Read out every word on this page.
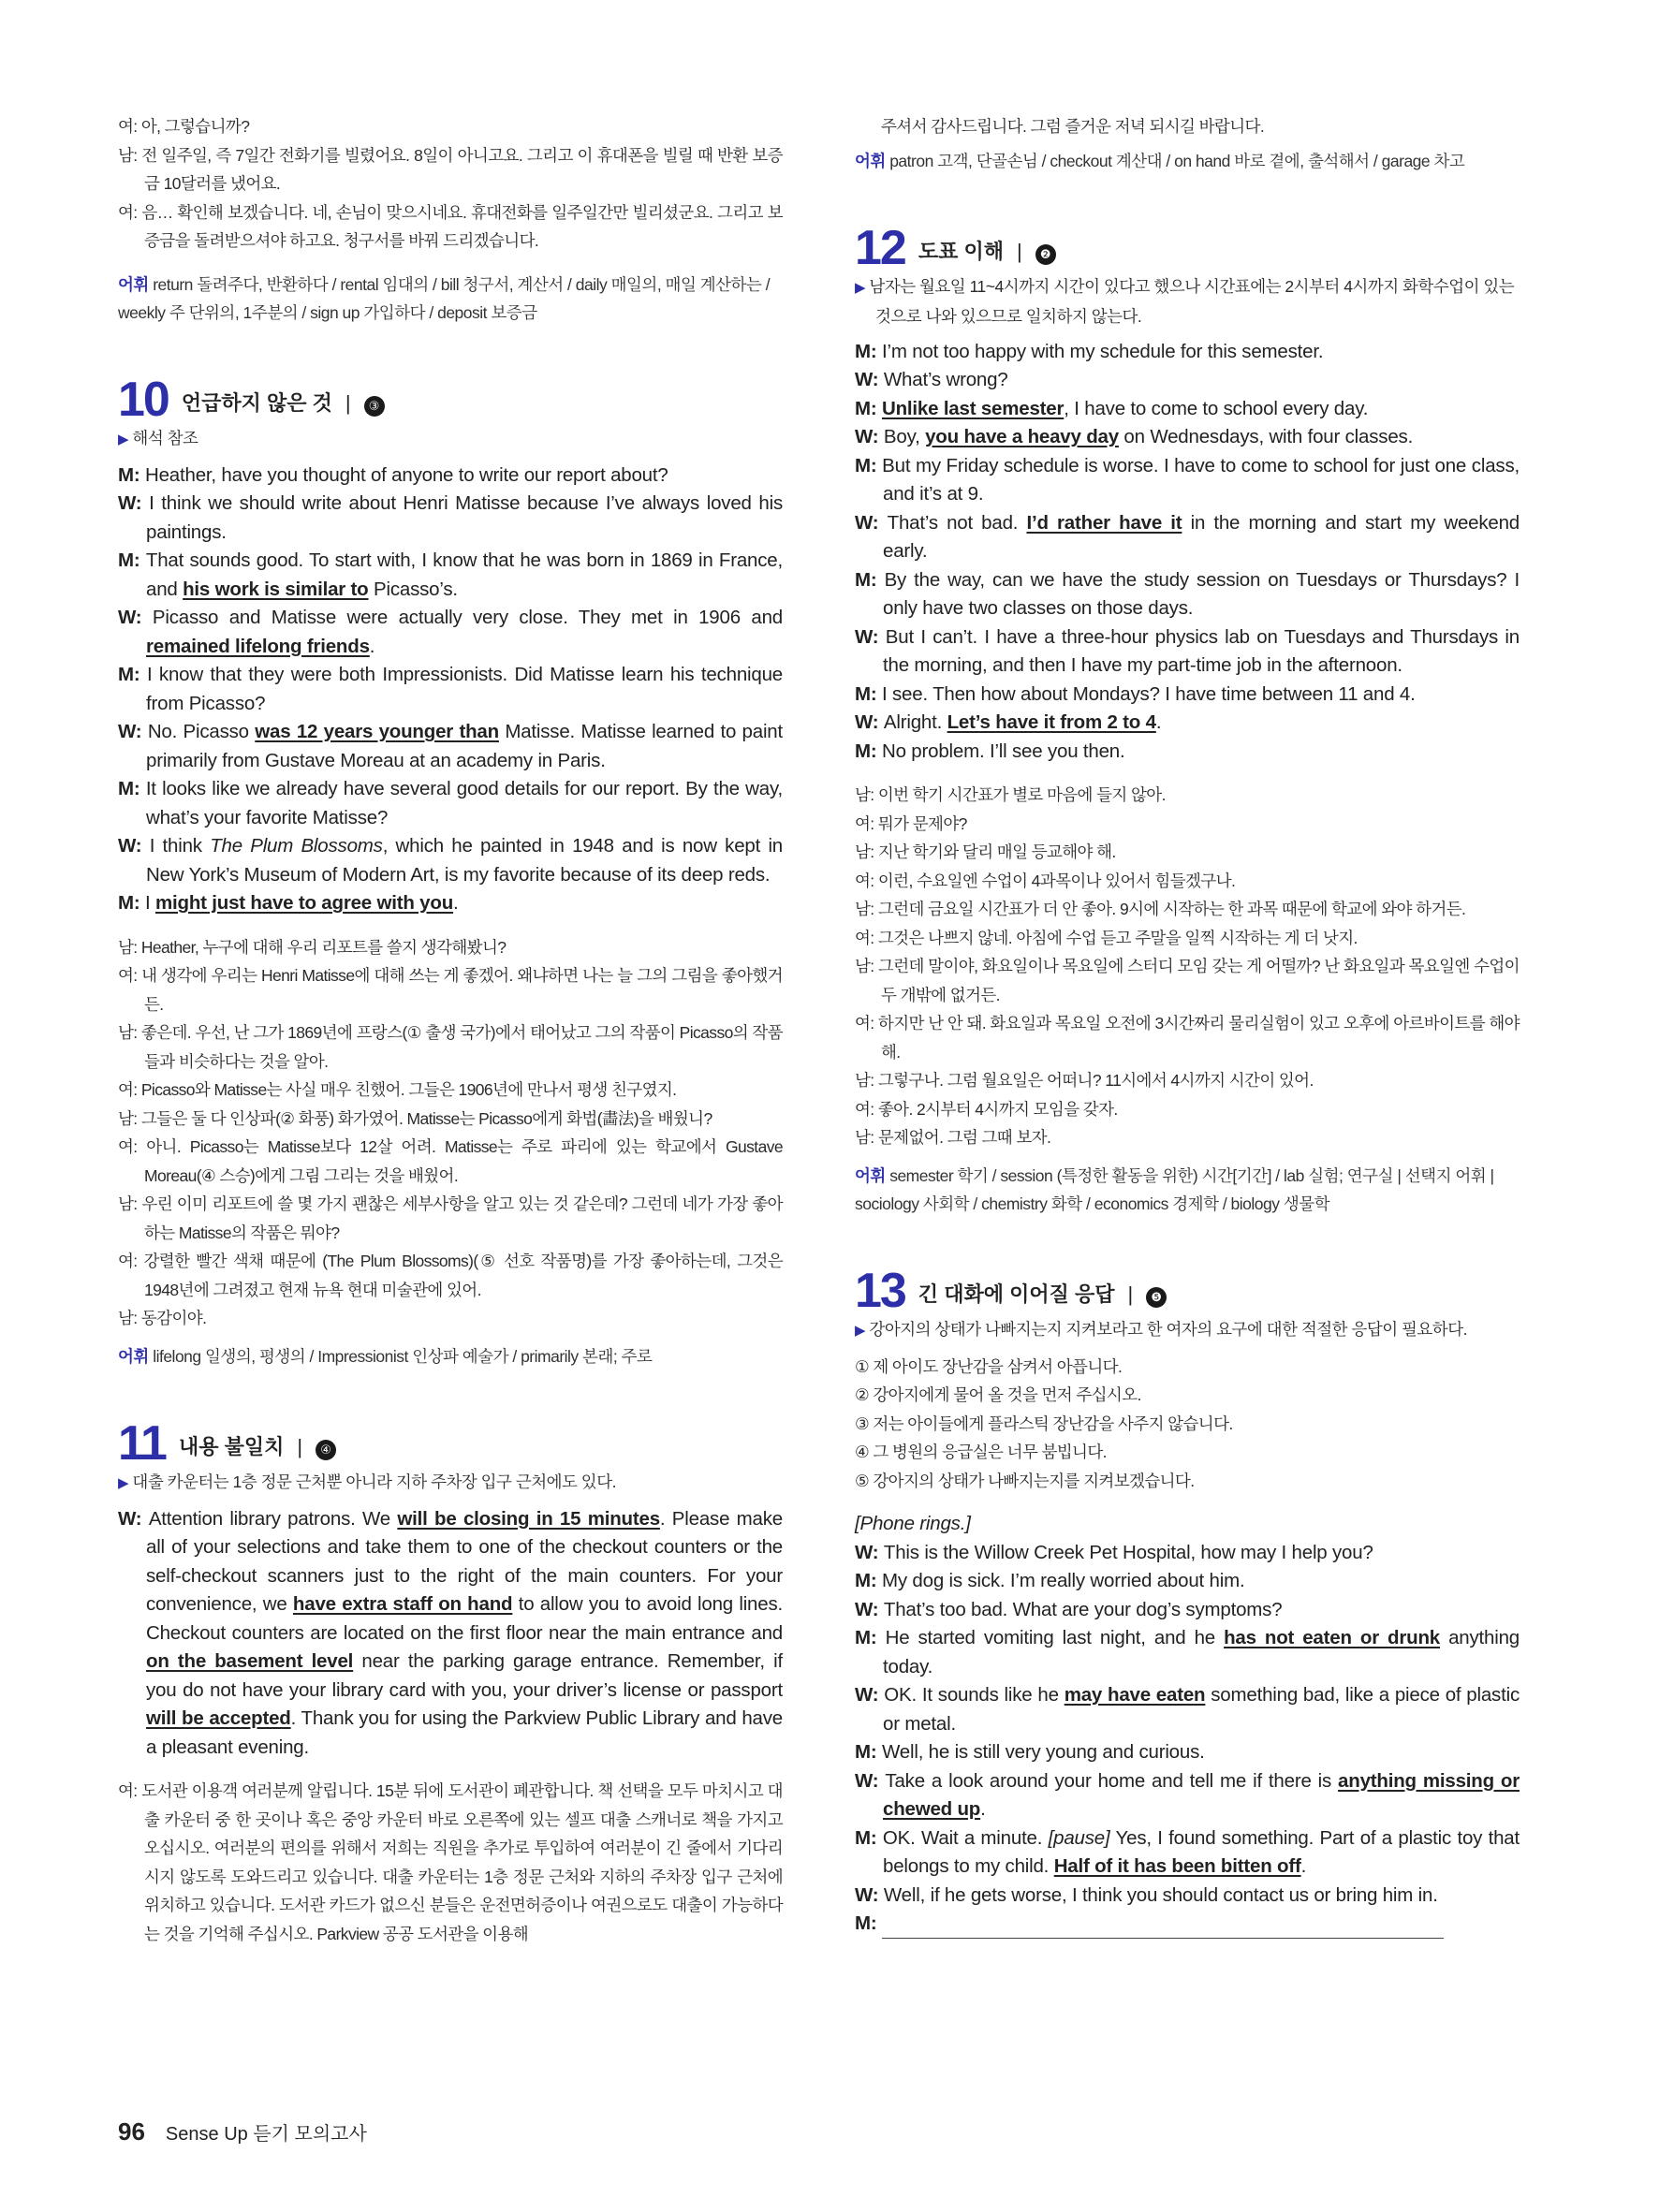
여: 아, 그렇습니까?
남: 전 일주일, 즉 7일간 전화기를 빌렸어요. 8일이 아니고요. 그리고 이 휴대폰을 빌릴 때 반환 보증금 10달러를 냈어요.
여: 음… 확인해 보겠습니다. 네, 손님이 맞으시네요. 휴대전화를 일주일간만 빌리셨군요. 그리고 보증금을 돌려받으셔야 하고요. 청구서를 바꿔 드리겠습니다.
어휘 return 돌려주다, 반환하다 / rental 임대의 / bill 청구서, 계산서 / daily 매일의, 매일 계산하는 / weekly 주 단위의, 1주분의 / sign up 가입하다 / deposit 보증금
10 언급하지 않은 것 |	③
▶ 해석 참조
M: Heather, have you thought of anyone to write our report about?
W: I think we should write about Henri Matisse because I’ve always loved his paintings.
M: That sounds good. To start with, I know that he was born in 1869 in France, and his work is similar to Picasso’s.
W: Picasso and Matisse were actually very close. They met in 1906 and remained lifelong friends.
M: I know that they were both Impressionists. Did Matisse learn his technique from Picasso?
W: No. Picasso was 12 years younger than Matisse. Matisse learned to paint primarily from Gustave Moreau at an academy in Paris.
M: It looks like we already have several good details for our report. By the way, what’s your favorite Matisse?
W: I think The Plum Blossoms, which he painted in 1948 and is now kept in New York’s Museum of Modern Art, is my favorite because of its deep reds.
M: I might just have to agree with you.
남: Heather, 누구에 대해 우리 리포트를 쓸지 생각해봤니?
여: 내 생각에 우리는 Henri Matisse에 대해 쓰는 게 좋겠어. 왜냐하면 나는 늘 그의 그림을 좋아했거든.
남: 좋은데. 우선, 난 그가 1869년에 프랑스(① 출생 국가)에서 태어났고 그의 작품이 Picasso의 작품들과 비슷하다는 것을 알아.
여: Picasso와 Matisse는 사실 매우 친했어. 그들은 1906년에 만나서 평생 친구였지.
남: 그들은 둘 다 인상파(② 화풍) 화가였어. Matisse는 Picasso에게 화법(畵法)을 배웠니?
여: 아니. Picasso는 Matisse보다 12살 어려. Matisse는 주로 파리에 있는 학교에서 Gustave Moreau(④ 스승)에게 그림 그리는 것을 배웠어.
남: 우린 이미 리포트에 쓸 몇 가지 괜찮은 세부사항을 알고 있는 것 같은데? 그런데 네가 가장 좋아하는 Matisse의 작품은 뭐야?
여: 강렬한 빨간 색채 때문에 (The Plum Blossoms)(⑤ 선호 작품명)를 가장 좋아하는데, 그것은 1948년에 그려졌고 현재 뉴욕 현대 미술관에 있어.
남: 동감이야.
어휘 lifelong 일생의, 평생의 / Impressionist 인상파 예술가 / primarily 본래; 주로
11 내용 불일치 |	④
▶ 대출 카운터는 1층 정문 근처뿐 아니라 지하 주차장 입구 근처에도 있다.
W: Attention library patrons. We will be closing in 15 minutes. Please make all of your selections and take them to one of the checkout counters or the self-checkout scanners just to the right of the main counters. For your convenience, we have extra staff on hand to allow you to avoid long lines. Checkout counters are located on the first floor near the main entrance and on the basement level near the parking garage entrance. Remember, if you do not have your library card with you, your driver’s license or passport will be accepted. Thank you for using the Parkview Public Library and have a pleasant evening.
여: 도서관 이용객 여러분께 알립니다. 15분 뒤에 도서관이 폐관합니다. 책 선택을 모두 마치시고 대출 카운터 중 한 곳이나 혹은 중앙 카운터 바로 오른쪽에 있는 셀프 대출 스캐너로 책을 가지고 오십시오. 여러분의 편의를 위해서 저희는 직원을 추가로 투입하여 여러분이 긴 줄에서 기다리시지 않도록 도와드리고 있습니다. 대출 카운터는 1층 정문 근처와 지하의 주차장 입구 근처에 위치하고 있습니다. 도서관 카드가 없으신 분들은 운전면허증이나 여권으로도 대출이 가능하다는 것을 기억해 주십시오. Parkview 공공 도서관을 이용해
주셔서 감사드립니다. 그럼 즐거운 저녁 되시길 바랍니다.
어휘 patron 고객, 단골손님 / checkout 계산대 / on hand 바로 곁에, 출석해서 / garage 차고
12 도표 이해 |	❷
▶ 남자는 월요일 11~4시까지 시간이 있다고 했으나 시간표에는 2시부터 4시까지 화학수업이 있는 것으로 나와 있으므로 일치하지 않는다.
M: I’m not too happy with my schedule for this semester.
W: What’s wrong?
M: Unlike last semester, I have to come to school every day.
W: Boy, you have a heavy day on Wednesdays, with four classes.
M: But my Friday schedule is worse. I have to come to school for just one class, and it’s at 9.
W: That’s not bad. I’d rather have it in the morning and start my weekend early.
M: By the way, can we have the study session on Tuesdays or Thursdays? I only have two classes on those days.
W: But I can’t. I have a three-hour physics lab on Tuesdays and Thursdays in the morning, and then I have my part-time job in the afternoon.
M: I see. Then how about Mondays? I have time between 11 and 4.
W: Alright. Let’s have it from 2 to 4.
M: No problem. I’ll see you then.
남: 이번 학기 시간표가 별로 마음에 들지 않아.
여: 뭐가 문제야?
남: 지난 학기와 달리 매일 등교해야 해.
여: 이런, 수요일엔 수업이 4과목이나 있어서 힘들겠구나.
남: 그런데 금요일 시간표가 더 안 좋아. 9시에 시작하는 한 과목 때문에 학교에 와야 하거든.
여: 그것은 나쁘지 않네. 아침에 수업 듣고 주말을 일찍 시작하는 게 더 낫지.
남: 그런데 말이야, 화요일이나 목요일에 스터디 모임 갖는 게 어떨까? 난 화요일과 목요일엔 수업이 두 개밖에 없거든.
여: 하지만 난 안 돼. 화요일과 목요일 오전에 3시간짜리 물리실험이 있고 오후에 아르바이트를 해야 해.
남: 그렇구나. 그럼 월요일은 어떠니? 11시에서 4시까지 시간이 있어.
여: 좋아. 2시부터 4시까지 모임을 갖자.
남: 문제없어. 그럼 그때 보자.
어휘 semester 학기 / session (특정한 활동을 위한) 시간[기간] / lab 실험; 연구실 | 선택지 어휘 | sociology 사회학 / chemistry 화학 / economics 경제학 / biology 생물학
13 긴 대화에 이어질 응답 |	❺
▶ 강아지의 상태가 나빠지는지 지켜보라고 한 여자의 요구에 대한 적절한 응답이 필요하다.
① 제 아이도 장난감을 삼켜서 아픕니다.
② 강아지에게 물어 올 것을 먼저 주십시오.
③ 저는 아이들에게 플라스틱 장난감을 사주지 않습니다.
④ 그 병원의 응급실은 너무 붐빕니다.
⑤ 강아지의 상태가 나빠지는지를 지켜보겠습니다.
[Phone rings.]
W: This is the Willow Creek Pet Hospital, how may I help you?
M: My dog is sick. I’m really worried about him.
W: That’s too bad. What are your dog’s symptoms?
M: He started vomiting last night, and he has not eaten or drunk anything today.
W: OK. It sounds like he may have eaten something bad, like a piece of plastic or metal.
M: Well, he is still very young and curious.
W: Take a look around your home and tell me if there is anything missing or chewed up.
M: OK. Wait a minute. [pause] Yes, I found something. Part of a plastic toy that belongs to my child. Half of it has been bitten off.
W: Well, if he gets worse, I think you should contact us or bring him in.
M:
96 Sense Up 듣기 모의고사
